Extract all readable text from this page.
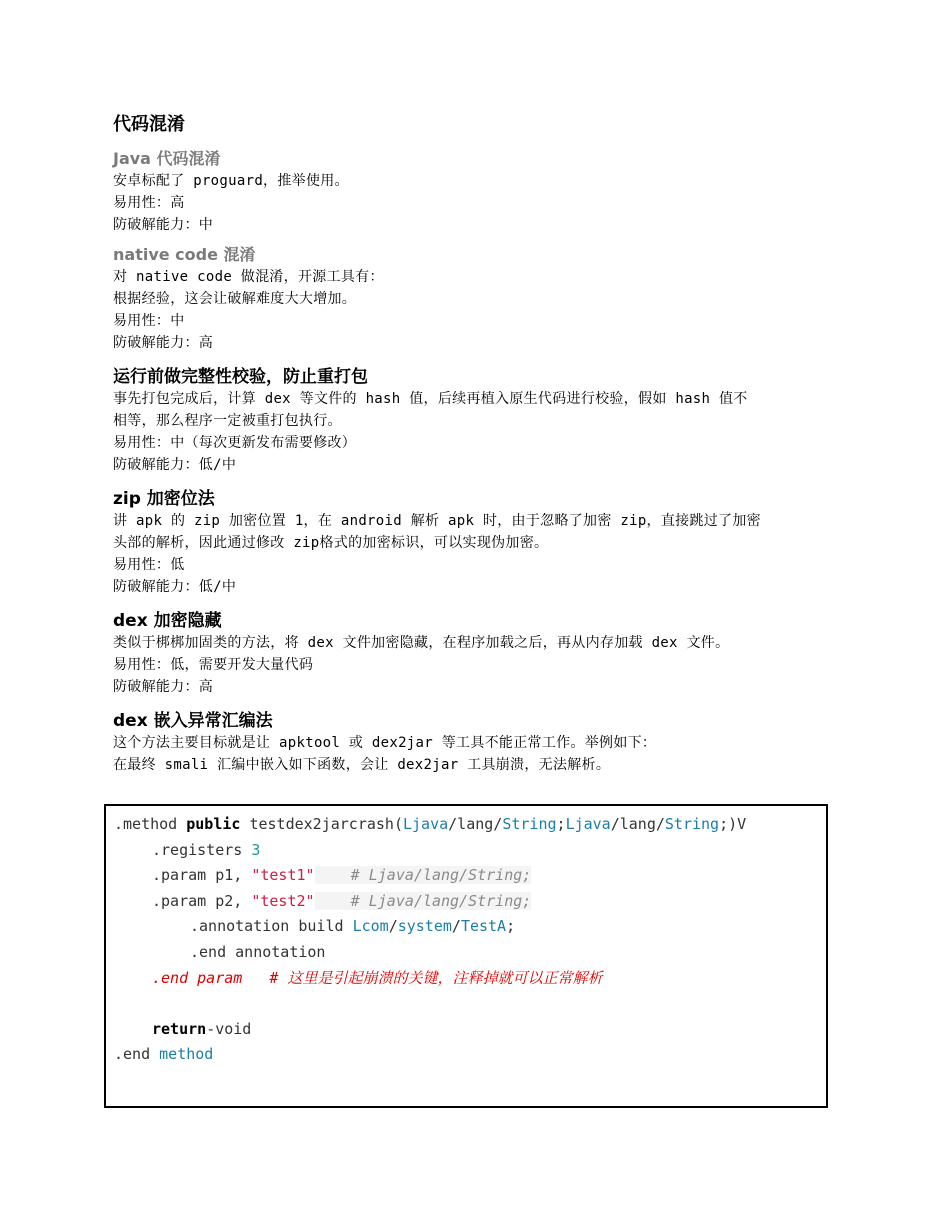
代码混淆
Java 代码混淆
安卓标配了 proguard，推举使用。
易用性：高
防破解能力：中
native code 混淆
对 native code 做混淆，开源工具有：
根据经验，这会让破解难度大大增加。
易用性：中
防破解能力：高
运行前做完整性校验，防止重打包
事先打包完成后，计算 dex 等文件的 hash 值，后续再植入原生代码进行校验，假如 hash 值不
相等，那么程序一定被重打包执行。
易用性：中（每次更新发布需要修改）
防破解能力：低/中
zip 加密位法
讲 apk 的 zip 加密位置 1，在 android 解析 apk 时，由于忽略了加密 zip，直接跳过了加密
头部的解析，因此通过修改 zip格式的加密标识，可以实现伪加密。
易用性：低
防破解能力：低/中
dex 加密隐藏
类似于梆梆加固类的方法，将 dex 文件加密隐藏，在程序加载之后，再从内存加载 dex 文件。
易用性：低，需要开发大量代码
防破解能力：高
dex 嵌入异常汇编法
这个方法主要目标就是让 apktool 或 dex2jar 等工具不能正常工作。举例如下：
在最终 smali 汇编中嵌入如下函数，会让 dex2jar 工具崩溃，无法解析。
.method public testdex2jarcrash(Ljava/lang/String;Ljava/lang/String;)V
.registers 3
.param p1, "test1"    # Ljava/lang/String;
.param p2, "test2"    # Ljava/lang/String;
.annotation build Lcom/system/TestA;
.end annotation
.end param   # 这里是引起崩溃的关键，注释掉就可以正常解析
return-void
.end method
